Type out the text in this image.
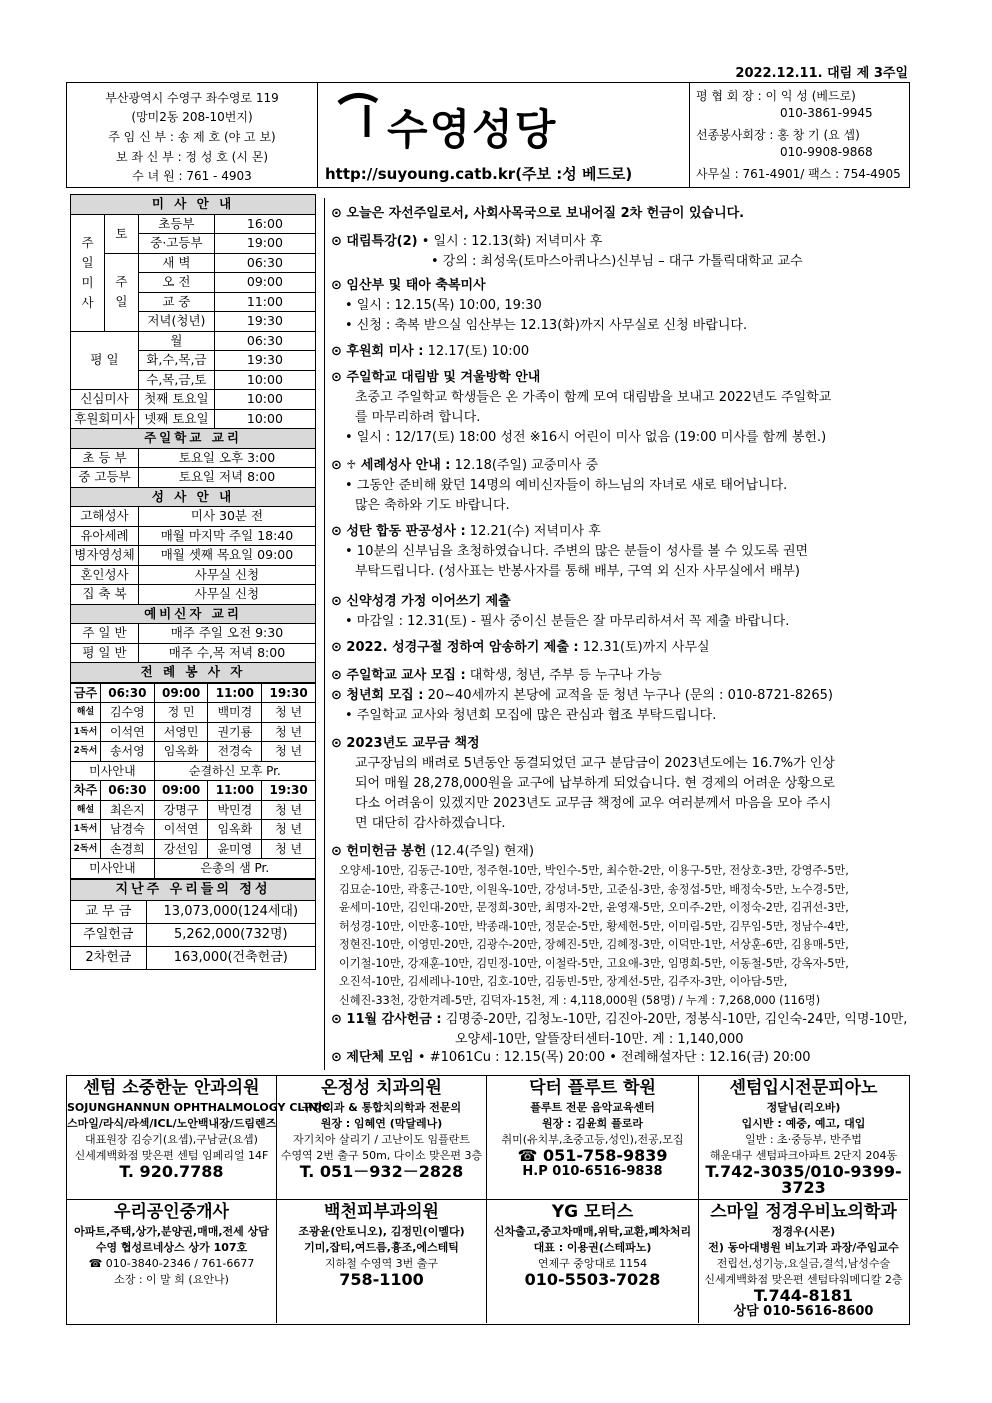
2022.12.11. 대림 제 3주일
부산광역시 수영구 좌수영로 119
(망미2동 208-10번지)
주 임 신 부 : 송 제 호 (야 고 보)
보 좌 신 부 : 정 성 호 (시 몬)
수 녀 원 : 761 - 4903
수영성당
http://suyoung.catb.kr(주보 :성 베드로)
평 협 회 장 : 이 익 성 (베드로)
010-3861-9945
선종봉사회장 : 홍 창 기 (요 셉)
010-9908-9868
사무실 : 761-4901/ 팩스 : 754-4905
미 사 안 내			
주
일
미
사	토	초등부	16:00
		중·고등부	19:00
	주
일	새 벽	06:30
		오 전	09:00
		교 중	11:00
		저녁(청년)	19:30
평 일		월	06:30
		화,수,목,금	19:30
		수,목,금,토	10:00
신심미사		첫째 토요일	10:00
후원회미사		넷째 토요일	10:00
주일학교 교리			
초 등 부		토요일 오후 3:00	
중 고등부		토요일 저녁 8:00	
성 사 안 내			
고해성사		미사 30분 전	
유아세례		매월 마지막 주일 18:40	
병자영성체		매월 셋째 목요일 09:00	
혼인성사		사무실 신청	
집 축 복		사무실 신청	
예비신자 교리			
주 일 반		매주 주일 오전 9:30	
평 일 반		매주 수,목 저녁 8:00	
전 례 봉 사 자			
금주	06:30	09:00	11:00	19:30
해설	김수영	정 민	백미경	청 년
1독서	이석연	서영민	권기룡	청 년
2독서	송서영	임옥화	전경숙	청 년
미사안내		순결하신 모후 Pr.		
차주	06:30	09:00	11:00	19:30
해설	최은지	강명구	박민경	청 년
1독서	남경숙	이석연	임옥화	청 년
2독서	손경희	강선임	윤미영	청 년
미사안내		은총의 샘 Pr.		
지난주 우리들의 정성	
교 무 금	13,073,000(124세대)
주일헌금	5,262,000(732명)
2차헌금	163,000(건축헌금)
⊙ 오늘은 자선주일로서, 사회사목국으로 보내어질 2차 헌금이 있습니다.
⊙ 대림특강(2) • 일시 : 12.13(화) 저녁미사 후
• 강의 : 최성욱(토마스아퀴나스)신부님 – 대구 가톨릭대학교 교수
⊙ 임산부 및 태아 축복미사
• 일시 : 12.15(목) 10:00, 19:30
• 신청 : 축복 받으실 임산부는 12.13(화)까지 사무실로 신청 바랍니다.
⊙ 후원회 미사 : 12.17(토) 10:00
⊙ 주일학교 대림밤 및 겨울방학 안내
초중고 주일학교 학생들은 온 가족이 함께 모여 대림밤을 보내고 2022년도 주일학교
를 마무리하려 합니다.
• 일시 : 12/17(토) 18:00 성전 ※16시 어린이 미사 없음 (19:00 미사를 함께 봉헌.)
⊙ ♱ 세례성사 안내 : 12.18(주일) 교중미사 중
• 그동안 준비해 왔던 14명의 예비신자들이 하느님의 자녀로 새로 태어납니다.
많은 축하와 기도 바랍니다.
⊙ 성탄 합동 판공성사 : 12.21(수) 저녁미사 후
• 10분의 신부님을 초청하였습니다. 주변의 많은 분들이 성사를 볼 수 있도록 권면
부탁드립니다. (성사표는 반봉사자를 통해 배부, 구역 외 신자 사무실에서 배부)
⊙ 신약성경 가정 이어쓰기 제출
• 마감일 : 12.31(토) - 필사 중이신 분들은 잘 마무리하셔서 꼭 제출 바랍니다.
⊙ 2022. 성경구절 정하여 암송하기 제출 : 12.31(토)까지 사무실
⊙ 주일학교 교사 모집 : 대학생, 청년, 주부 등 누구나 가능
⊙ 청년회 모집 : 20~40세까지 본당에 교적을 둔 청년 누구나 (문의 : 010-8721-8265)
• 주일학교 교사와 청년회 모집에 많은 관심과 협조 부탁드립니다.
⊙ 2023년도 교무금 책정
교구장님의 배려로 5년동안 동결되었던 교구 분담금이 2023년도에는 16.7%가 인상
되어 매월 28,278,000원을 교구에 납부하게 되었습니다. 현 경제의 어려운 상황으로
다소 어려움이 있겠지만 2023년도 교무금 책정에 교우 여러분께서 마음을 모아 주시
면 대단히 감사하겠습니다.
⊙ 헌미헌금 봉헌 (12.4(주일) 현재)
오양세-10만, 김동근-10만, 정주현-10만, 박인수-5만, 최수한-2만, 이용구-5만, 전상호-3만, 강영주-5만,
김묘순-10만, 곽홍근-10만, 이원옥-10만, 강성녀-5만, 고준심-3만, 송정섭-5만, 배정숙-5만, 노수경-5만,
윤세미-10만, 김인대-20만, 문정희-30만, 최명자-2만, 윤영재-5만, 오미주-2만, 이정숙-2만, 김귀선-3만,
허성경-10만, 이만홍-10만, 박종래-10만, 정문순-5만, 황세헌-5만, 이미림-5만, 김무임-5만, 정남수-4만,
정현진-10만, 이영민-20만, 김광수-20만, 장혜진-5만, 김혜정-3만, 이덕만-1만, 서상훈-6만, 김용매-5만,
이기철-10만, 강재훈-10만, 김민정-10만, 이철락-5만, 고요애-3만, 임명희-5만, 이동철-5만, 강옥자-5만,
오진석-10만, 김세레나-10만, 김호-10만, 김동빈-5만, 장계선-5만, 김주자-3만, 이아담-5만,
신혜진-33천, 강한겨레-5만, 김덕자-15천, 계 : 4,118,000원 (58명) / 누계 : 7,268,000 (116명)
⊙ 11월 감사헌금 : 김명중-20만, 김청노-10만, 김진아-20만, 정봉식-10만, 김인숙-24만, 익명-10만,
오양세-10만, 알뜰장터센터-10만. 계 : 1,140,000
⊙ 제단체 모임 • #1061Cu : 12.15(목) 20:00 • 전례해설자단 : 12.16(금) 20:00
센텀 소중한눈 안과의원
SOJUNGHANNUN OPHTHALMOLOGY CLINIC
스마일/라식/라섹/ICL/노안백내장/드림렌즈
대표원장 김승기(요셉),구남균(요셉)
신세계백화점 맞은편 센텀 임페리얼 14F
T. 920.7788
온정성 치과의원
구강외과 & 통합치의학과 전문의
원장 : 임혜연 (막달레나)
자기치아 살리기 / 고난이도 임플란트
수영역 2번 출구 50m, 다이소 맞은편 3층
T. 051－932－2828
닥터 플루트 학원
플루트 전문 음악교육센터
원장 : 김윤희 플로라
취미(유치부,초중고등,성인),전공,모집
☎ 051-758-9839
H.P 010-6516-9838
센텀입시전문피아노
정달님(리오바)
입시반 : 예중, 예고, 대입
일반 : 초·중등부, 반주법
해운대구 센텀파크아파트 2단지 204동
T.742-3035/010-9399-3723
우리공인중개사
아파트,주택,상가,분양권,매매,전세 상담
수영 협성르네상스 상가 107호
☎ 010-3840-2346 / 761-6677
소장 : 이 말 희 (요안나)
백천피부과의원
조광윤(안토니오), 김정민(이멜다)
기미,잡티,여드름,흉조,에스테틱
지하철 수영역 3번 출구
758-1100
YG 모터스
신차출고,중고차매매,위탁,교환,폐차처리
대표 : 이용권(스테파노)
연제구 중앙대로 1154
010-5503-7028
스마일 정경우비뇨의학과
정경우(시몬)
전) 동아대병원 비뇨기과 과장/주임교수
전립선,성기능,요실금,결석,남성수술
신세계백화점 맞은편 센텀타워메디칼 2층
T.744-8181
상담 010-5616-8600
